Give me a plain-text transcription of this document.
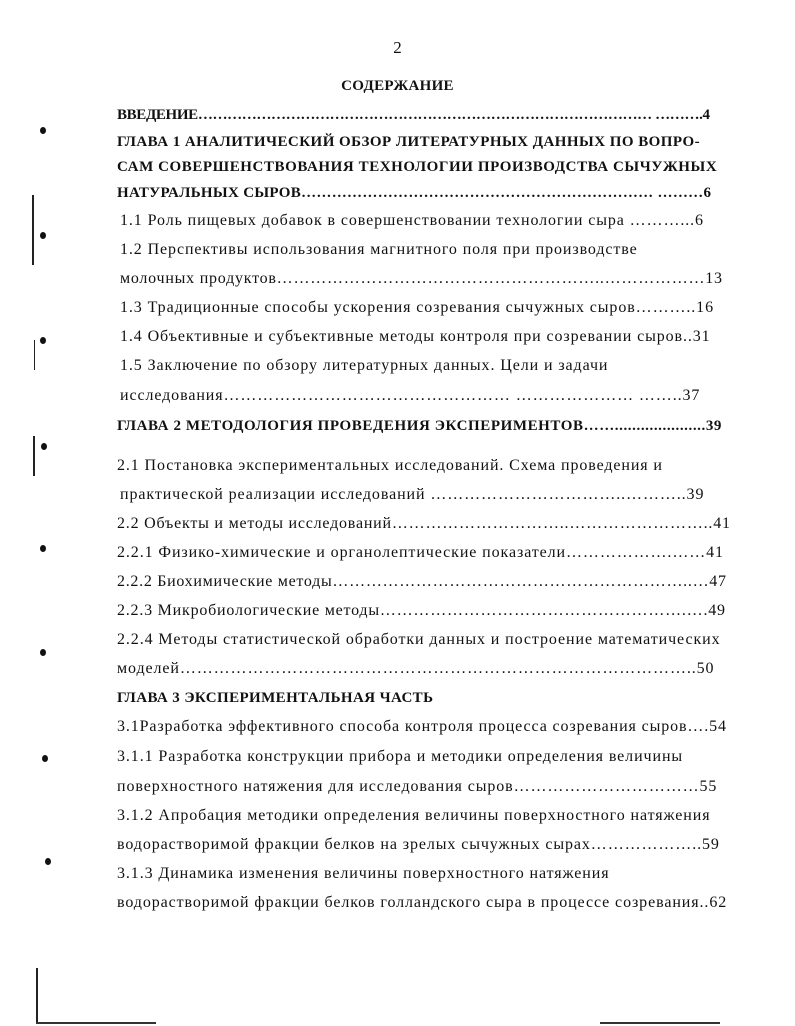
2
СОДЕРЖАНИЕ
ВВЕДЕНИЕ………………………………………………………………………………… ……….4
ГЛАВА 1 АНАЛИТИЧЕСКИЙ ОБЗОР ЛИТЕРАТУРНЫХ ДАННЫХ ПО ВОПРО-
САМ СОВЕРШЕНСТВОВАНИЯ ТЕХНОЛОГИИ ПРОИЗВОДСТВА СЫЧУЖНЫХ
НАТУРАЛЬНЫХ СЫРОВ…………………………………………………………… ………6
1.1 Роль пищевых добавок в совершенствовании технологии сыра ………...6
1.2 Перспективы использования магнитного поля при производстве
молочных продуктов…………………………………………………..………………13
1.3 Традиционные способы ускорения созревания сычужных сыров………..16
1.4 Объективные и субъективные методы контроля при созревании сыров..31
1.5 Заключение по обзору литературных данных. Цели и задачи
исследования…………………………………………… ………………… ……..37
ГЛАВА 2 МЕТОДОЛОГИЯ ПРОВЕДЕНИЯ ЭКСПЕРИМЕНТОВ…….....................39
2.1 Постановка экспериментальных исследований. Схема проведения и
практической реализации исследований ……………………………..………..39
2.2 Объекты и методы исследований…………………………..……………………..41
2.2.1 Физико-химические и органолептические показатели……………….……41
2.2.2 Биохимические методы………………………………………………………..…47
2.2.3 Микробиологические методы……………………………………………….….49
2.2.4 Методы статистической обработки данных и построение математических
моделей………………………………………………………………………………..50
ГЛАВА 3 ЭКСПЕРИМЕНТАЛЬНАЯ ЧАСТЬ
3.1Разработка эффективного способа контроля процесса созревания сыров….54
3.1.1 Разработка конструкции прибора и методики определения величины
поверхностного натяжения для исследования сыров……………………………55
3.1.2 Апробация методики определения величины поверхностного натяжения
водорастворимой фракции белков на зрелых сычужных сырах………………..59
3.1.3 Динамика изменения величины поверхностного натяжения
водорастворимой фракции белков голландского сыра в процессе созревания..62
